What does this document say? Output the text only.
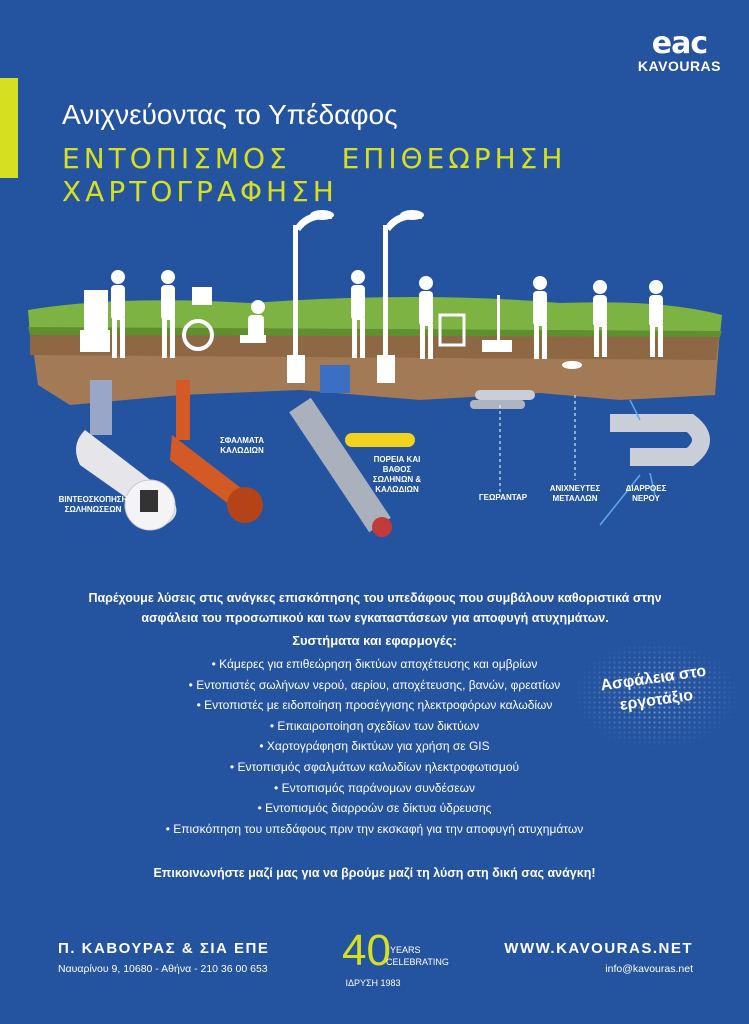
eac
KAVOURAS
Ανιχνεύοντας το Υπέδαφος
ΕΝΤΟΠΙΣΜΟΣ ΕΠΙΘΕΩΡΗΣΗ ΧΑΡΤΟΓΡΑΦΗΣΗ
ΒΙΝΤΕΟΣΚΟΠΗΣΗ ΣΩΛΗΝΩΣΕΩΝ
ΣΦΑΛΜΑΤΑ ΚΑΛΩΔΙΩΝ
ΠΟΡΕΙΑ ΚΑΙ ΒΑΘΟΣ ΣΩΛΗΝΩΝ & ΚΑΛΩΔΙΩΝ
ΓΕΩΡΑΝΤΑΡ
ΑΝΙΧΝΕΥΤΕΣ ΜΕΤΑΛΛΩΝ
ΔΙΑΡΡΟΕΣ ΝΕΡΟΥ
Παρέχουμε λύσεις στις ανάγκες επισκόπησης του υπεδάφους που συμβάλουν καθοριστικά στην ασφάλεια του προσωπικού και των εγκαταστάσεων για αποφυγή ατυχημάτων.
Συστήματα και εφαρμογές:
• Κάμερες για επιθεώρηση δικτύων αποχέτευσης και ομβρίων
• Εντοπιστές σωλήνων νερού, αερίου, αποχέτευσης, βανών, φρεατίων
• Εντοπιστές με ειδοποίηση προσέγγισης ηλεκτροφόρων καλωδίων
• Επικαιροποίηση σχεδίων των δικτύων
• Χαρτογράφηση δικτύων για χρήση σε GIS
• Εντοπισμός σφαλμάτων καλωδίων ηλεκτροφωτισμού
• Εντοπισμός παράνομων συνδέσεων
• Εντοπισμός διαρροών σε δίκτυα ύδρευσης
• Επισκόπηση του υπεδάφους πριν την εκσκαφή για την αποφυγή ατυχημάτων
Ασφάλεια στο
εργοτάξιο
Επικοινωνήστε μαζί μας για να βρούμε μαζί τη λύση στη δική σας ανάγκη!
Π. ΚΑΒΟΥΡΑΣ & ΣΙΑ ΕΠΕ
Ναυαρίνου 9, 10680 - Αθήνα - 210 36 00 653 40 YEARS
CELEBRATING
ΙΔΡΥΣΗ 1983
WWW.KAVOURAS.NET
info@kavouras.net
